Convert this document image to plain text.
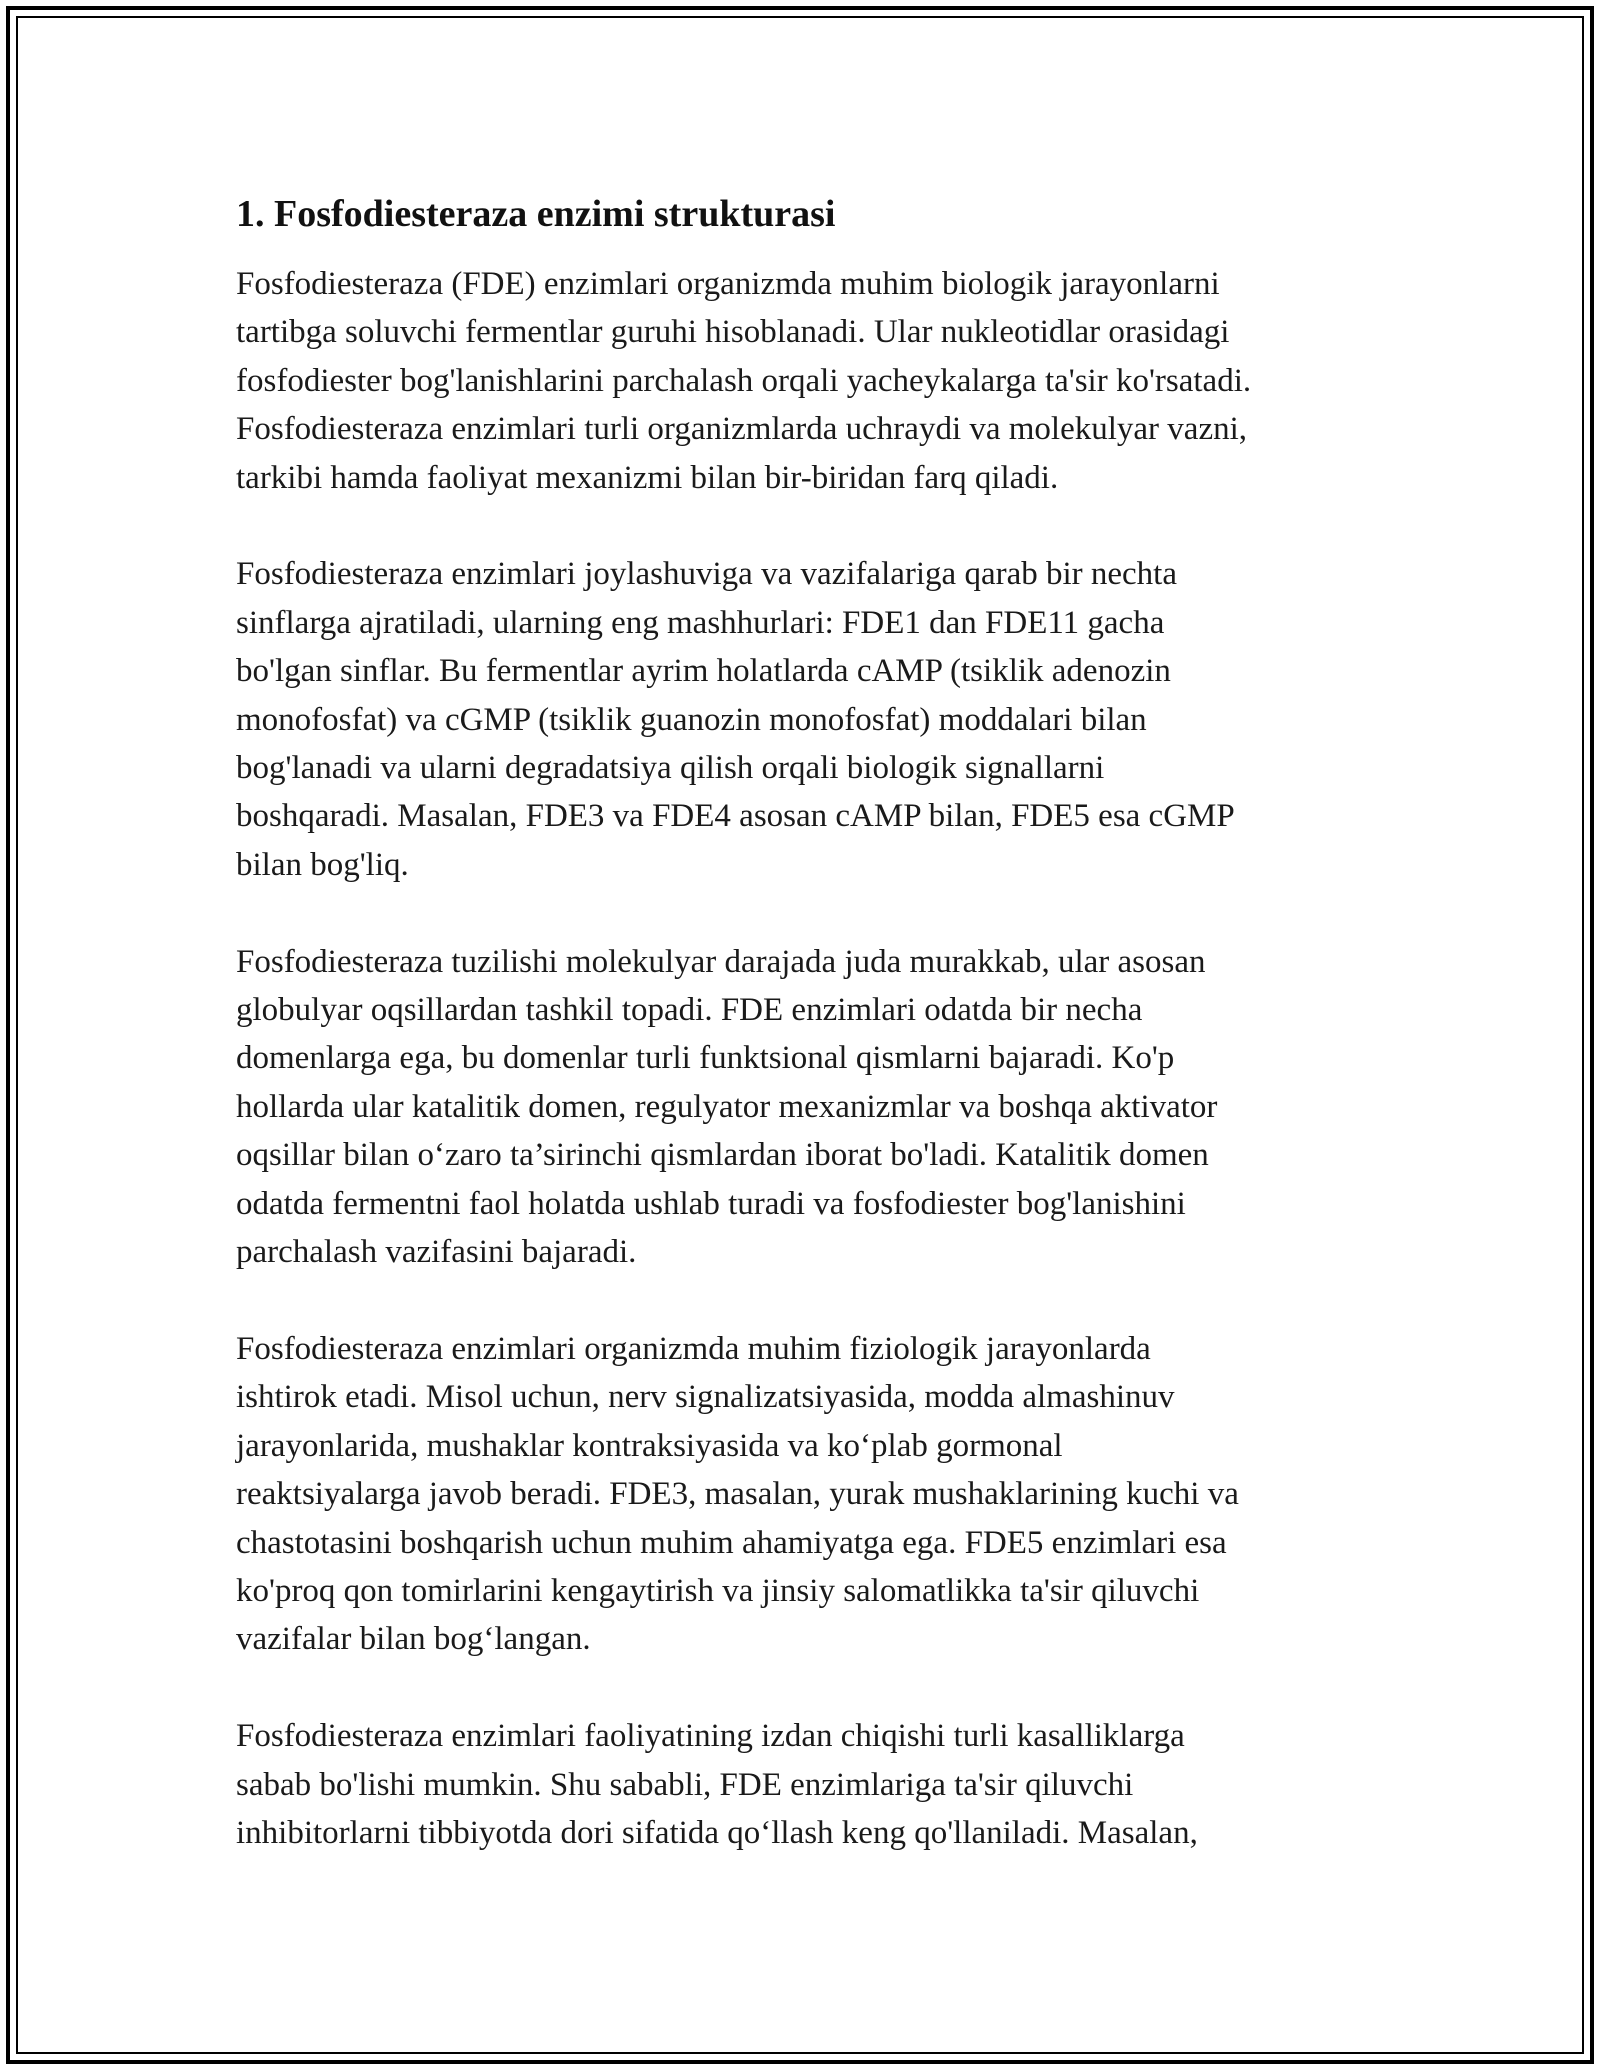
1. Fosfodiesteraza enzimi strukturasi

Fosfodiesteraza (FDE) enzimlari organizmda muhim biologik jarayonlarni
tartibga soluvchi fermentlar guruhi hisoblanadi. Ular nukleotidlar orasidagi
fosfodiester bog'lanishlarini parchalash orqali yacheykalarga ta'sir ko'rsatadi.
Fosfodiesteraza enzimlari turli organizmlarda uchraydi va molekulyar vazni,
tarkibi hamda faoliyat mexanizmi bilan bir-biridan farq qiladi.

Fosfodiesteraza enzimlari joylashuviga va vazifalariga qarab bir nechta
sinflarga ajratiladi, ularning eng mashhurlari: FDE1 dan FDE11 gacha
bo'lgan sinflar. Bu fermentlar ayrim holatlarda cAMP (tsiklik adenozin
monofosfat) va cGMP (tsiklik guanozin monofosfat) moddalari bilan
bog'lanadi va ularni degradatsiya qilish orqali biologik signallarni
boshqaradi. Masalan, FDE3 va FDE4 asosan cAMP bilan, FDE5 esa cGMP
bilan bog'liq.

Fosfodiesteraza tuzilishi molekulyar darajada juda murakkab, ular asosan
globulyar oqsillardan tashkil topadi. FDE enzimlari odatda bir necha
domenlarga ega, bu domenlar turli funktsional qismlarni bajaradi. Ko'p
hollarda ular katalitik domen, regulyator mexanizmlar va boshqa aktivator
oqsillar bilan o‘zaro ta’sirinchi qismlardan iborat bo'ladi. Katalitik domen
odatda fermentni faol holatda ushlab turadi va fosfodiester bog'lanishini
parchalash vazifasini bajaradi.

Fosfodiesteraza enzimlari organizmda muhim fiziologik jarayonlarda
ishtirok etadi. Misol uchun, nerv signalizatsiyasida, modda almashinuv
jarayonlarida, mushaklar kontraksiyasida va ko‘plab gormonal
reaktsiyalarga javob beradi. FDE3, masalan, yurak mushaklarining kuchi va
chastotasini boshqarish uchun muhim ahamiyatga ega. FDE5 enzimlari esa
ko'proq qon tomirlarini kengaytirish va jinsiy salomatlikka ta'sir qiluvchi
vazifalar bilan bog‘langan.

Fosfodiesteraza enzimlari faoliyatining izdan chiqishi turli kasalliklarga
sabab bo'lishi mumkin. Shu sababli, FDE enzimlariga ta'sir qiluvchi
inhibitorlarni tibbiyotda dori sifatida qo‘llash keng qo'llaniladi. Masalan,
